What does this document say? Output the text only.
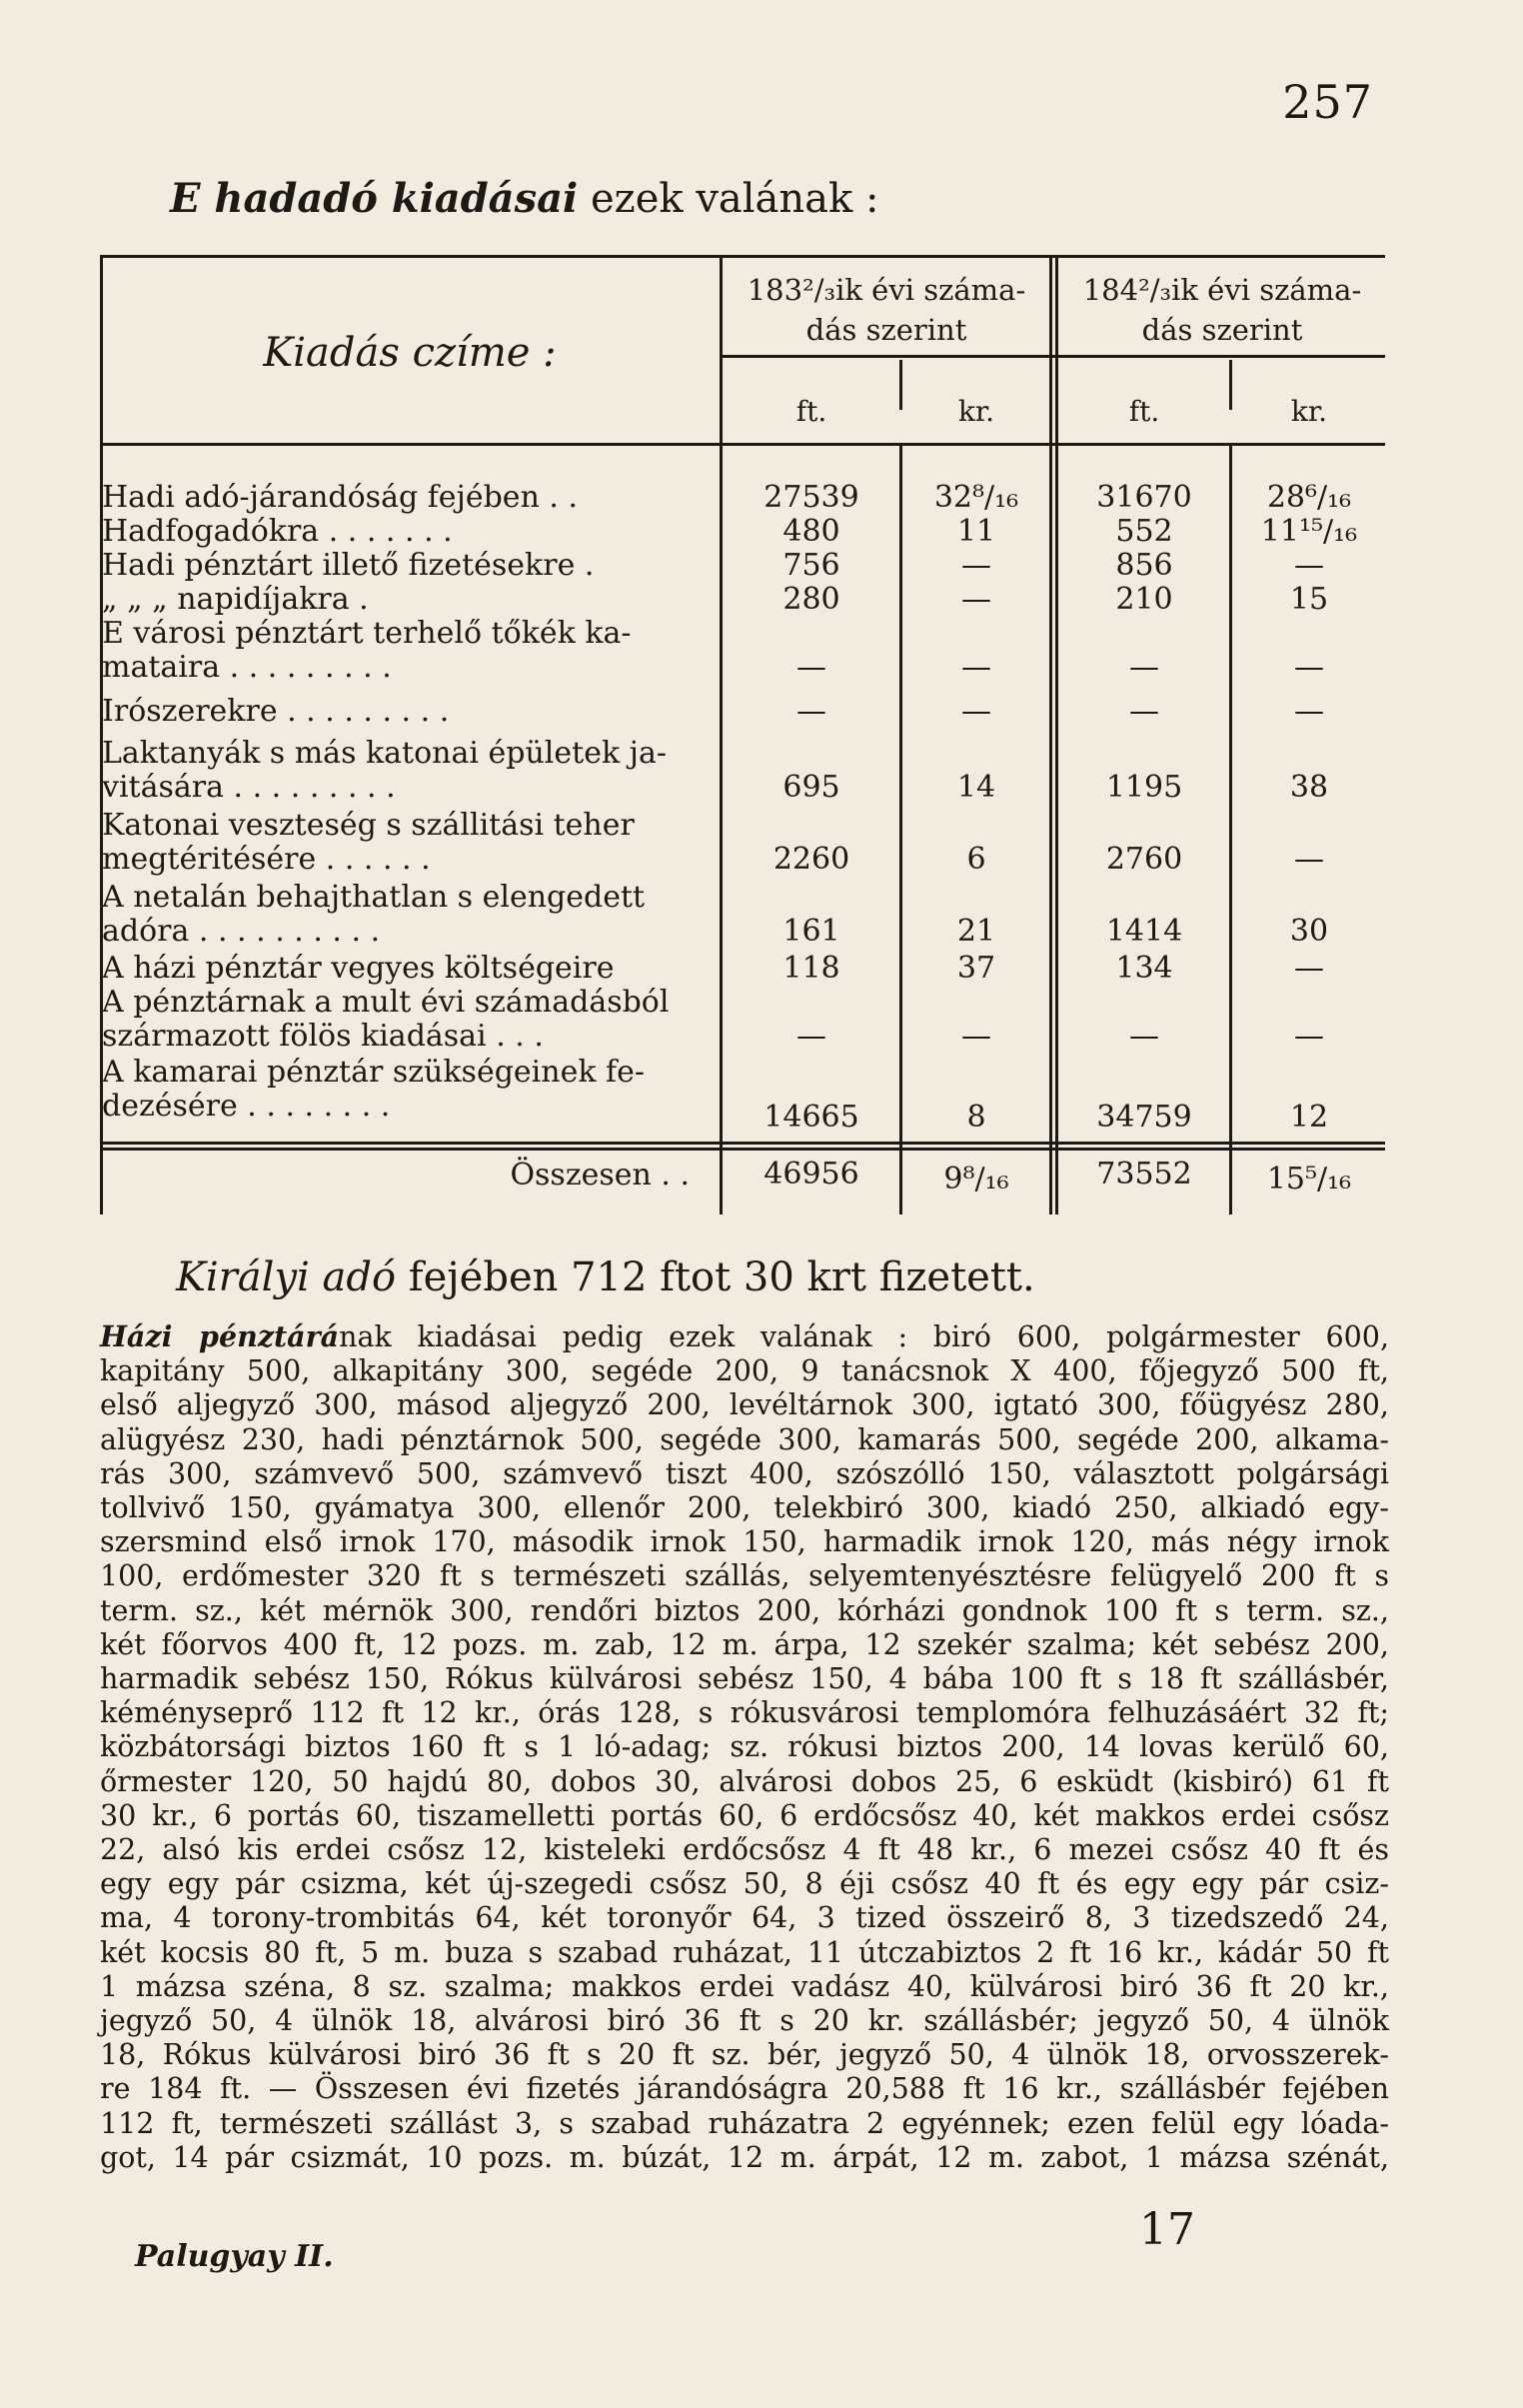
257
E hadadó kiadásai ezek valának :
Kiadás czíme :
183²/₃ik évi száma-
dás szerint
184²/₃ik évi száma-
dás szerint
ft.	kr.	ft.	kr.
Hadi adó-járandóság fejében . .	27539	32⁸/₁₆	31670	28⁶/₁₆
Hadfogadókra . . . . . . .	480	11	552	11¹⁵/₁₆
Hadi pénztárt illető fizetésekre .	756	—	856	—
„ „ „ napidíjakra .	280	—	210	15
E városi pénztárt terhelő tőkék ka-
mataira . . . . . . . . .	—	—	—	—
Irószerekre . . . . . . . . .	—	—	—	—
Laktanyák s más katonai épületek ja-
vitására . . . . . . . . .	695	14	1195	38
Katonai veszteség s szállitási teher
megtéritésére . . . . . .	2260	6	2760	—
A netalán behajthatlan s elengedett
adóra . . . . . . . . . .	161	21	1414	30
A házi pénztár vegyes költségeire	118	37	134	—
A pénztárnak a mult évi számadásból
származott fölös kiadásai . . .	—	—	—	—
A kamarai pénztár szükségeinek fe-
dezésére . . . . . . . .	14665	8	34759	12
Összesen . .	46956	9⁸/₁₆	73552	15⁵/₁₆
Királyi adó fejében 712 ftot 30 krt fizetett.
Házi pénztárának kiadásai pedig ezek valának : biró 600, polgármester 600,
kapitány 500, alkapitány 300, segéde 200, 9 tanácsnok X 400, főjegyző 500 ft,
első aljegyző 300, másod aljegyző 200, levéltárnok 300, igtató 300, főügyész 280,
alügyész 230, hadi pénztárnok 500, segéde 300, kamarás 500, segéde 200, alkama-
rás 300, számvevő 500, számvevő tiszt 400, szószólló 150, választott polgársági
tollvivő 150, gyámatya 300, ellenőr 200, telekbiró 300, kiadó 250, alkiadó egy-
szersmind első irnok 170, második irnok 150, harmadik irnok 120, más négy irnok
100, erdőmester 320 ft s természeti szállás, selyemtenyésztésre felügyelő 200 ft s
term. sz., két mérnök 300, rendőri biztos 200, kórházi gondnok 100 ft s term. sz.,
két főorvos 400 ft, 12 pozs. m. zab, 12 m. árpa, 12 szekér szalma; két sebész 200,
harmadik sebész 150, Rókus külvárosi sebész 150, 4 bába 100 ft s 18 ft szállásbér,
kéményseprő 112 ft 12 kr., órás 128, s rókusvárosi templomóra felhuzásáért 32 ft;
közbátorsági biztos 160 ft s 1 ló-adag; sz. rókusi biztos 200, 14 lovas kerülő 60,
őrmester 120, 50 hajdú 80, dobos 30, alvárosi dobos 25, 6 esküdt (kisbiró) 61 ft
30 kr., 6 portás 60, tiszamelletti portás 60, 6 erdőcsősz 40, két makkos erdei csősz
22, alsó kis erdei csősz 12, kisteleki erdőcsősz 4 ft 48 kr., 6 mezei csősz 40 ft és
egy egy pár csizma, két új-szegedi csősz 50, 8 éji csősz 40 ft és egy egy pár csiz-
ma, 4 torony-trombitás 64, két toronyőr 64, 3 tized összeirő 8, 3 tizedszedő 24,
két kocsis 80 ft, 5 m. buza s szabad ruházat, 11 útczabiztos 2 ft 16 kr., kádár 50 ft
1 mázsa széna, 8 sz. szalma; makkos erdei vadász 40, külvárosi biró 36 ft 20 kr.,
jegyző 50, 4 ülnök 18, alvárosi biró 36 ft s 20 kr. szállásbér; jegyző 50, 4 ülnök
18, Rókus külvárosi biró 36 ft s 20 ft sz. bér, jegyző 50, 4 ülnök 18, orvosszerek-
re 184 ft. — Összesen évi fizetés járandóságra 20,588 ft 16 kr., szállásbér fejében
112 ft, természeti szállást 3, s szabad ruházatra 2 egyénnek; ezen felül egy lóada-
got, 14 pár csizmát, 10 pozs. m. búzát, 12 m. árpát, 12 m. zabot, 1 mázsa szénát,
Palugyay II.
17
